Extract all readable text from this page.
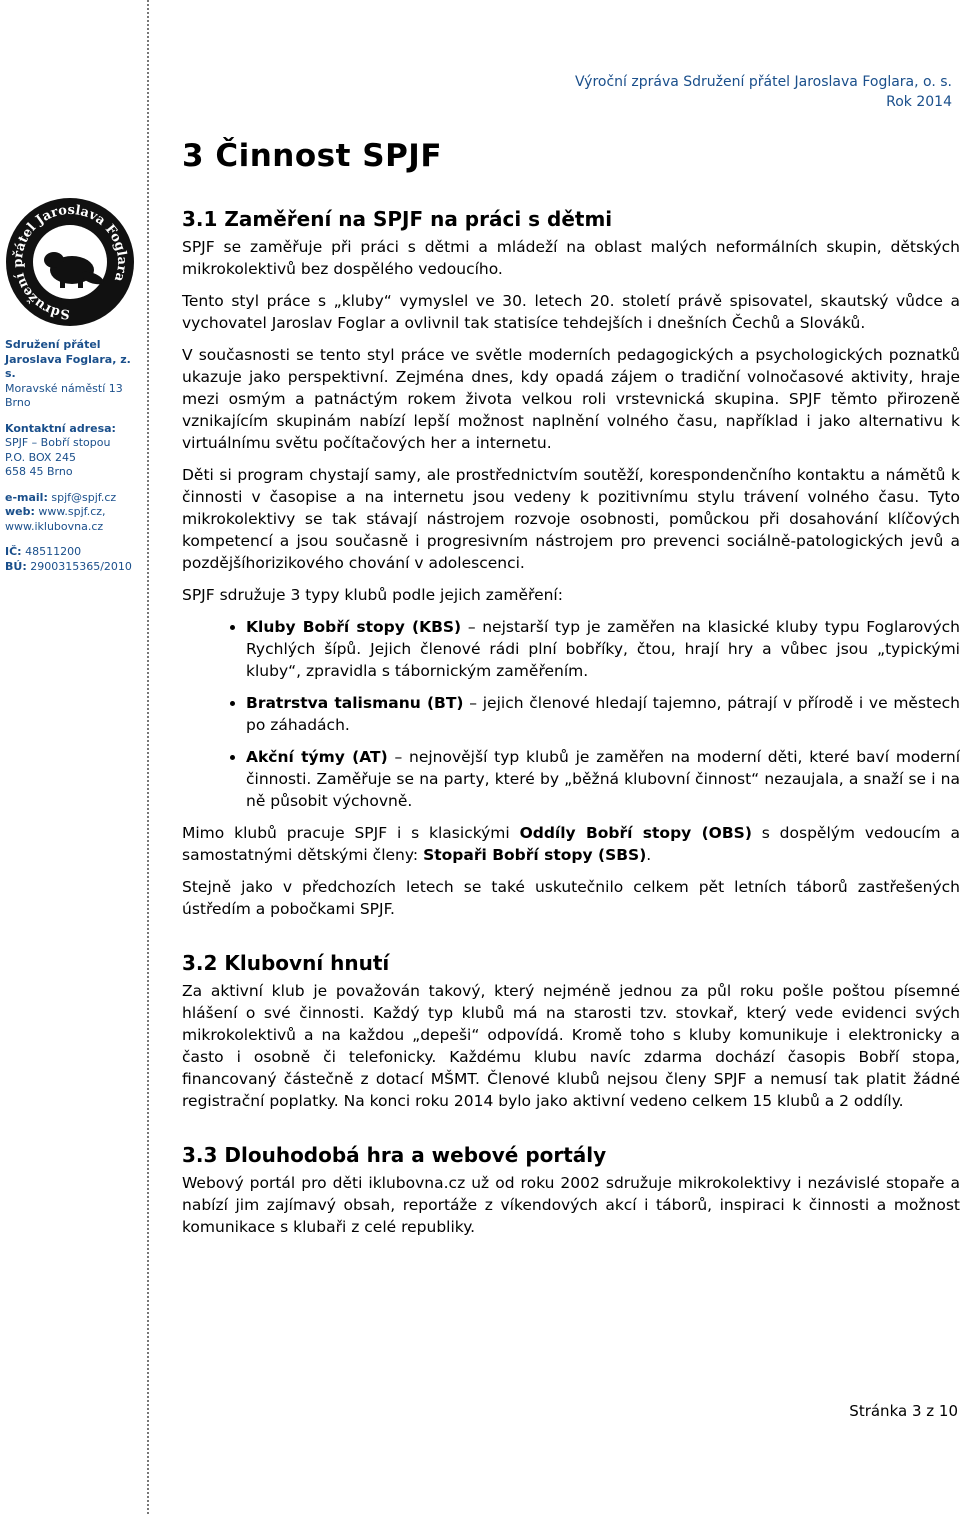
Výroční zpráva Sdružení přátel Jaroslava Foglara, o. s.
Rok 2014
3 Činnost SPJF
Sdružení přátel Jaroslava Foglara
Sdružení přátel
Jaroslava Foglara, z. s.
Moravské náměstí 13
Brno
Kontaktní adresa:
SPJF – Bobří stopou
P.O. BOX 245
658 45 Brno
e-mail: spjf@spjf.cz
web: www.spjf.cz,
www.iklubovna.cz
IČ: 48511200
BÚ: 2900315365/2010
3.1 Zaměření na SPJF na práci s dětmi

SPJF se zaměřuje při práci s dětmi a mládeží na oblast malých neformálních skupin, dětských mikrokolektivů bez dospělého vedoucího.

Tento styl práce s „kluby“ vymyslel ve 30. letech 20. století právě spisovatel, skautský vůdce a vychovatel Jaroslav Foglar a ovlivnil tak statisíce tehdejších i dnešních Čechů a Slováků.

V současnosti se tento styl práce ve světle moderních pedagogických a psychologických poznatků ukazuje jako perspektivní. Zejména dnes, kdy opadá zájem o tradiční volnočasové aktivity, hraje mezi osmým a patnáctým rokem života velkou roli vrstevnická skupina. SPJF těmto přirozeně vznikajícím skupinám nabízí lepší možnost naplnění volného času, například i jako alternativu k virtuálnímu světu počítačových her a internetu.

Děti si program chystají samy, ale prostřednictvím soutěží, korespondenčního kontaktu a námětů k činnosti v časopise a na internetu jsou vedeny k pozitivnímu stylu trávení volného času. Tyto mikrokolektivy se tak stávají nástrojem rozvoje osobnosti, pomůckou při dosahování klíčových kompetencí a jsou současně i progresivním nástrojem pro prevenci sociálně-patologických jevů a pozdějšíhorizikového chování v adolescenci.

SPJF sdružuje 3 typy klubů podle jejich zaměření:

• Kluby Bobří stopy (KBS) – nejstarší typ je zaměřen na klasické kluby typu Foglarových Rychlých šípů. Jejich členové rádi plní bobříky, čtou, hrají hry a vůbec jsou „typickými kluby“, zpravidla s tábornickým zaměřením.
• Bratrstva talismanu (BT) – jejich členové hledají tajemno, pátrají v přírodě i ve městech po záhadách.
• Akční týmy (AT) – nejnovější typ klubů je zaměřen na moderní děti, které baví moderní činnosti. Zaměřuje se na party, které by „běžná klubovní činnost“ nezaujala, a snaží se i na ně působit výchovně.

Mimo klubů pracuje SPJF i s klasickými Oddíly Bobří stopy (OBS) s dospělým vedoucím a samostatnými dětskými členy: Stopaři Bobří stopy (SBS).

Stejně jako v předchozích letech se také uskutečnilo celkem pět letních táborů zastřešených ústředím a pobočkami SPJF.

3.2 Klubovní hnutí

Za aktivní klub je považován takový, který nejméně jednou za půl roku pošle poštou písemné hlášení o své činnosti. Každý typ klubů má na starosti tzv. stovkař, který vede evidenci svých mikrokolektivů a na každou „depeši“ odpovídá. Kromě toho s kluby komunikuje i elektronicky a často i osobně či telefonicky. Každému klubu navíc zdarma dochází časopis Bobří stopa, financovaný částečně z dotací MŠMT. Členové klubů nejsou členy SPJF a nemusí tak platit žádné registrační poplatky. Na konci roku 2014 bylo jako aktivní vedeno celkem 15 klubů a 2 oddíly.

3.3 Dlouhodobá hra a webové portály

Webový portál pro děti iklubovna.cz už od roku 2002 sdružuje mikrokolektivy i nezávislé stopaře a nabízí jim zajímavý obsah, reportáže z víkendových akcí i táborů, inspiraci k činnosti a možnost komunikace s klubaři z celé republiky.

Stránka 3 z 10
